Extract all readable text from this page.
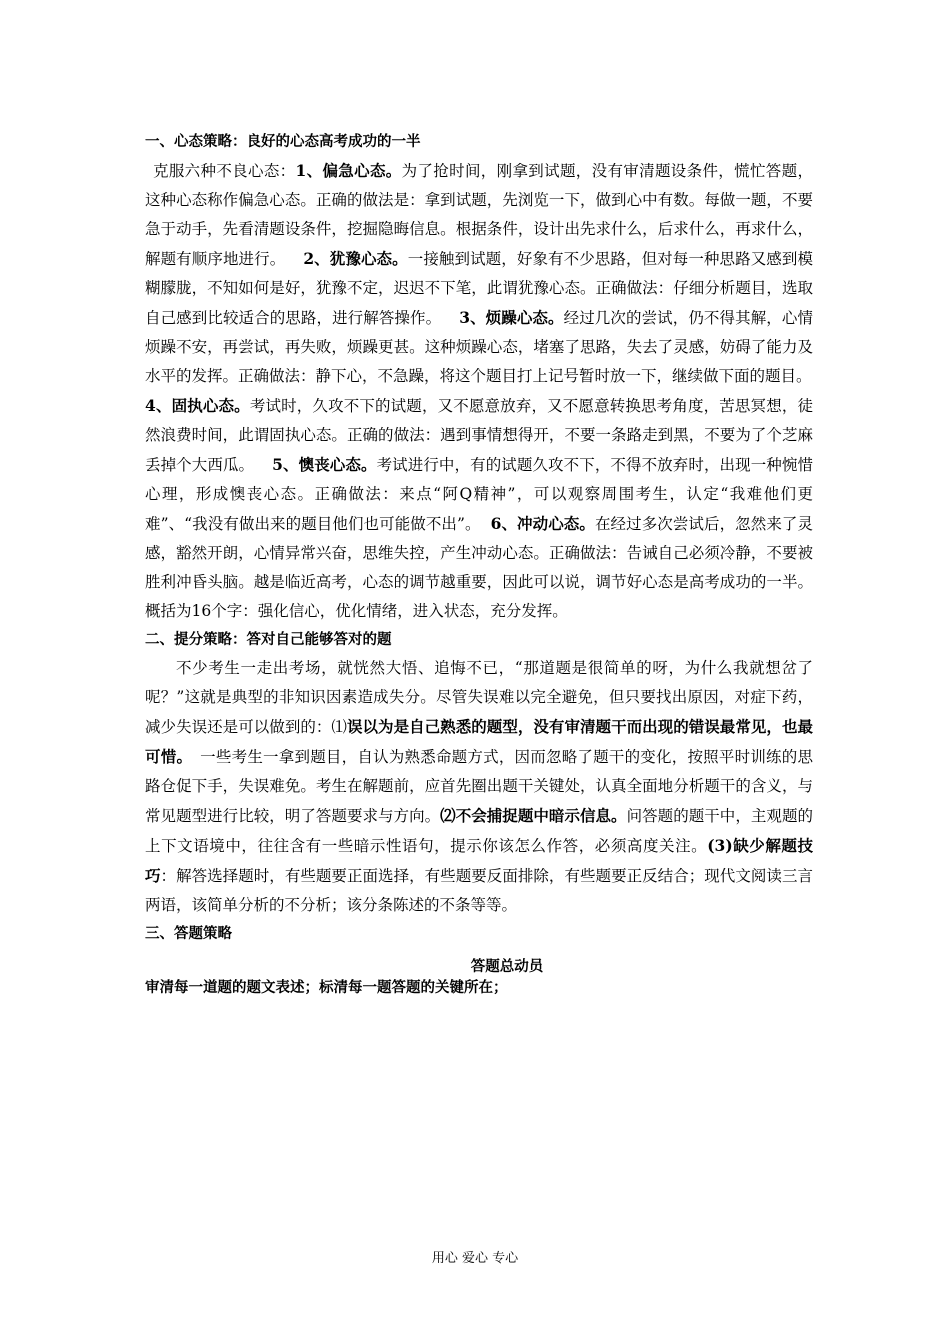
一、心态策略：良好的心态高考成功的一半

克服六种不良心态：1、偏急心态。为了抢时间，刚拿到试题，没有审清题设条件，慌忙答题，这种心态称作偏急心态。正确的做法是：拿到试题，先浏览一下，做到心中有数。每做一题，不要急于动手，先看清题设条件，挖掘隐晦信息。根据条件，设计出先求什么，后求什么，再求什么，解题有顺序地进行。 2、犹豫心态。一接触到试题，好象有不少思路，但对每一种思路又感到模糊朦胧，不知如何是好，犹豫不定，迟迟不下笔，此谓犹豫心态。正确做法：仔细分析题目，选取自己感到比较适合的思路，进行解答操作。 3、烦躁心态。经过几次的尝试，仍不得其解，心情烦躁不安，再尝试，再失败，烦躁更甚。这种烦躁心态，堵塞了思路，失去了灵感，妨碍了能力及水平的发挥。正确做法：静下心，不急躁，将这个题目打上记号暂时放一下，继续做下面的题目。4、固执心态。考试时，久攻不下的试题，又不愿意放弃，又不愿意转换思考角度，苦思冥想，徒然浪费时间，此谓固执心态。正确的做法：遇到事情想得开，不要一条路走到黑，不要为了个芝麻丢掉个大西瓜。 5、懊丧心态。考试进行中，有的试题久攻不下，不得不放弃时，出现一种惋惜心理，形成懊丧心态。正确做法：来点“阿Q精神”，可以观察周围考生，认定“我难他们更难”、“我没有做出来的题目他们也可能做不出”。 6、冲动心态。在经过多次尝试后，忽然来了灵感，豁然开朗，心情异常兴奋，思维失控，产生冲动心态。正确做法：告诫自己必须冷静，不要被胜利冲昏头脑。越是临近高考，心态的调节越重要，因此可以说，调节好心态是高考成功的一半。概括为16个字：强化信心，优化情绪，进入状态，充分发挥。

二、提分策略：答对自己能够答对的题

不少考生一走出考场，就恍然大悟、追悔不已，“那道题是很简单的呀，为什么我就想岔了呢？”这就是典型的非知识因素造成失分。尽管失误难以完全避免，但只要找出原因，对症下药，减少失误还是可以做到的：⑴误以为是自己熟悉的题型，没有审清题干而出现的错误最常见，也最可惜。 一些考生一拿到题目，自认为熟悉命题方式，因而忽略了题干的变化，按照平时训练的思路仓促下手，失误难免。考生在解题前，应首先圈出题干关键处，认真全面地分析题干的含义，与常见题型进行比较，明了答题要求与方向。⑵不会捕捉题中暗示信息。问答题的题干中，主观题的上下文语境中，往往含有一些暗示性语句，提示你该怎么作答，必须高度关注。(3)缺少解题技巧：解答选择题时，有些题要正面选择，有些题要反面排除，有些题要正反结合；现代文阅读三言两语，该简单分析的不分析；该分条陈述的不条等等。

三、答题策略
答题总动员
审清每一道题的题文表述；标清每一题答题的关键所在；
用心 爱心 专心
